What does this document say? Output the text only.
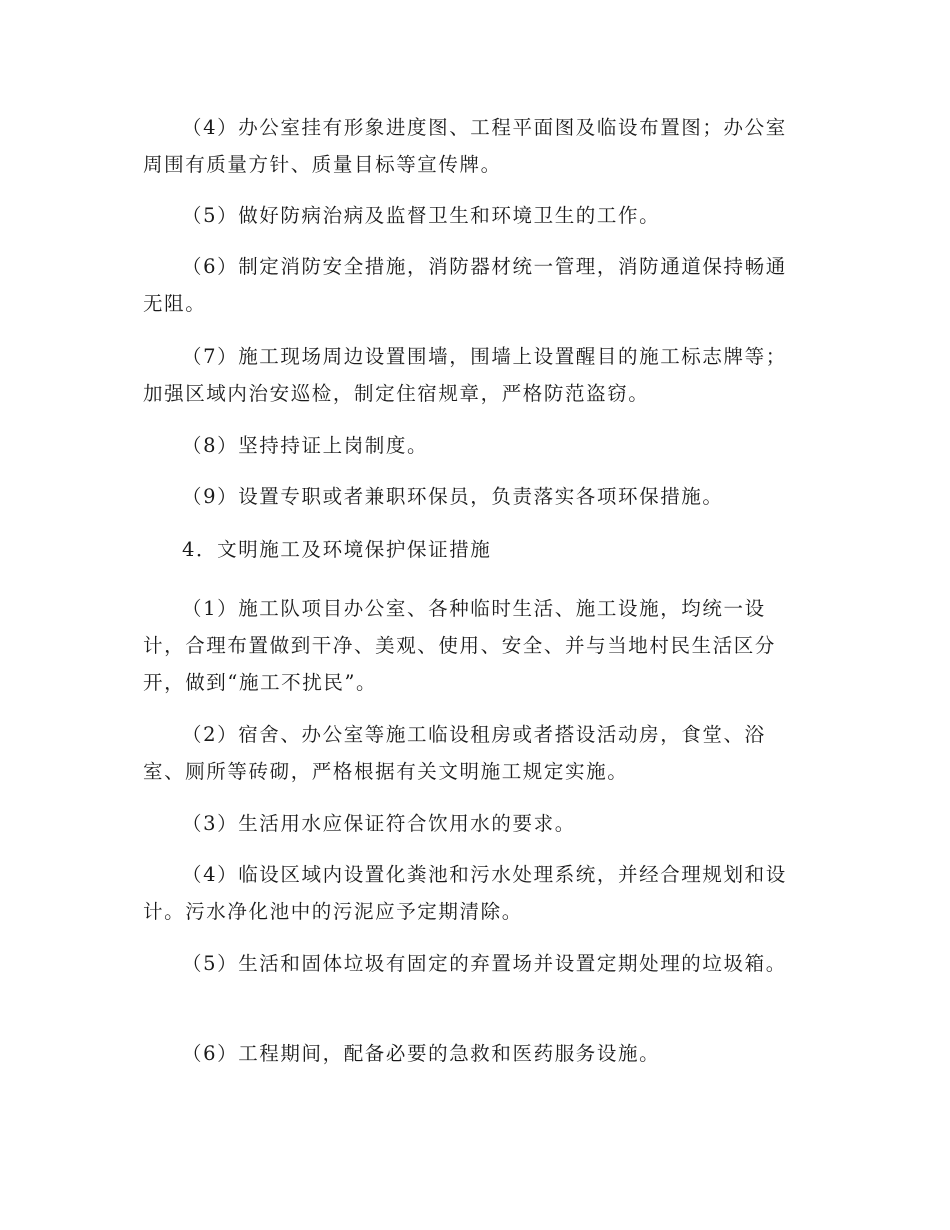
（4）办公室挂有形象进度图、工程平面图及临设布置图；办公室周围有质量方针、质量目标等宣传牌。

（5）做好防病治病及监督卫生和环境卫生的工作。

（6）制定消防安全措施，消防器材统一管理，消防通道保持畅通无阻。

（7）施工现场周边设置围墙，围墙上设置醒目的施工标志牌等；加强区域内治安巡检，制定住宿规章，严格防范盗窃。

（8）坚持持证上岗制度。

（9）设置专职或者兼职环保员，负责落实各项环保措施。

4．文明施工及环境保护保证措施

（1）施工队项目办公室、各种临时生活、施工设施，均统一设计，合理布置做到干净、美观、使用、安全、并与当地村民生活区分开，做到“施工不扰民”。

（2）宿舍、办公室等施工临设租房或者搭设活动房，食堂、浴室、厕所等砖砌，严格根据有关文明施工规定实施。

（3）生活用水应保证符合饮用水的要求。

（4）临设区域内设置化粪池和污水处理系统，并经合理规划和设计。污水净化池中的污泥应予定期清除。

（5）生活和固体垃圾有固定的弃置场并设置定期处理的垃圾箱。

（6）工程期间，配备必要的急救和医药服务设施。
